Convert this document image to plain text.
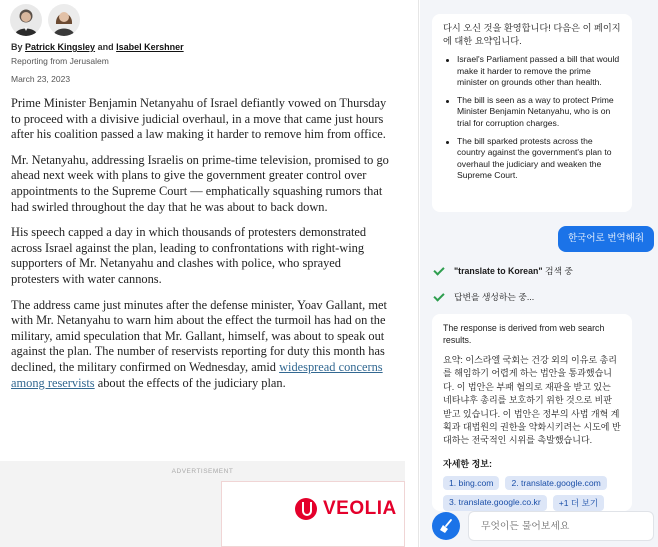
By Patrick Kingsley and Isabel Kershner
Reporting from Jerusalem
March 23, 2023

Prime Minister Benjamin Netanyahu of Israel defiantly vowed on Thursday to proceed with a divisive judicial overhaul, in a move that came just hours after his coalition passed a law making it harder to remove him from office.

Mr. Netanyahu, addressing Israelis on prime-time television, promised to go ahead next week with plans to give the government greater control over appointments to the Supreme Court — emphatically squashing rumors that had swirled throughout the day that he was about to back down.

His speech capped a day in which thousands of protesters demonstrated across Israel against the plan, leading to confrontations with right-wing supporters of Mr. Netanyahu and clashes with police, who sprayed protesters with water cannons.

The address came just minutes after the defense minister, Yoav Gallant, met with Mr. Netanyahu to warn him about the effect the turmoil has had on the military, amid speculation that Mr. Gallant, himself, was about to speak out against the plan. The number of reservists reporting for duty this month has declined, the military confirmed on Wednesday, amid widespread concerns among reservists about the effects of the judiciary plan.

ADVERTISEMENT
VEOLIA
다시 오신 것을 환영합니다! 다음은 이 페이지에 대한 요약입니다.
Israel's Parliament passed a bill that would make it harder to remove the prime minister on grounds other than health.
The bill is seen as a way to protect Prime Minister Benjamin Netanyahu, who is on trial for corruption charges.
The bill sparked protests across the country against the government's plan to overhaul the judiciary and weaken the Supreme Court.
한국어로 번역해줘
"translate to Korean" 검색 중
답변을 생성하는 중...
The response is derived from web search results.
요약: 이스라엘 국회는 건강 외의 이유로 총리를 해임하기 어렵게 하는 법안을 통과했습니다. 이 법안은 부패 혐의로 재판을 받고 있는 네타냐후 총리를 보호하기 위한 것으로 비판 받고 있습니다. 이 법안은 정부의 사법 개혁 계획과 대법원의 권한을 약화시키려는 시도에 반대하는 전국적인 시위를 촉발했습니다.
자세한 정보:
1. bing.com	2. translate.google.com
3. translate.google.co.kr	+1 더 보기
무엇이든 물어보세요
